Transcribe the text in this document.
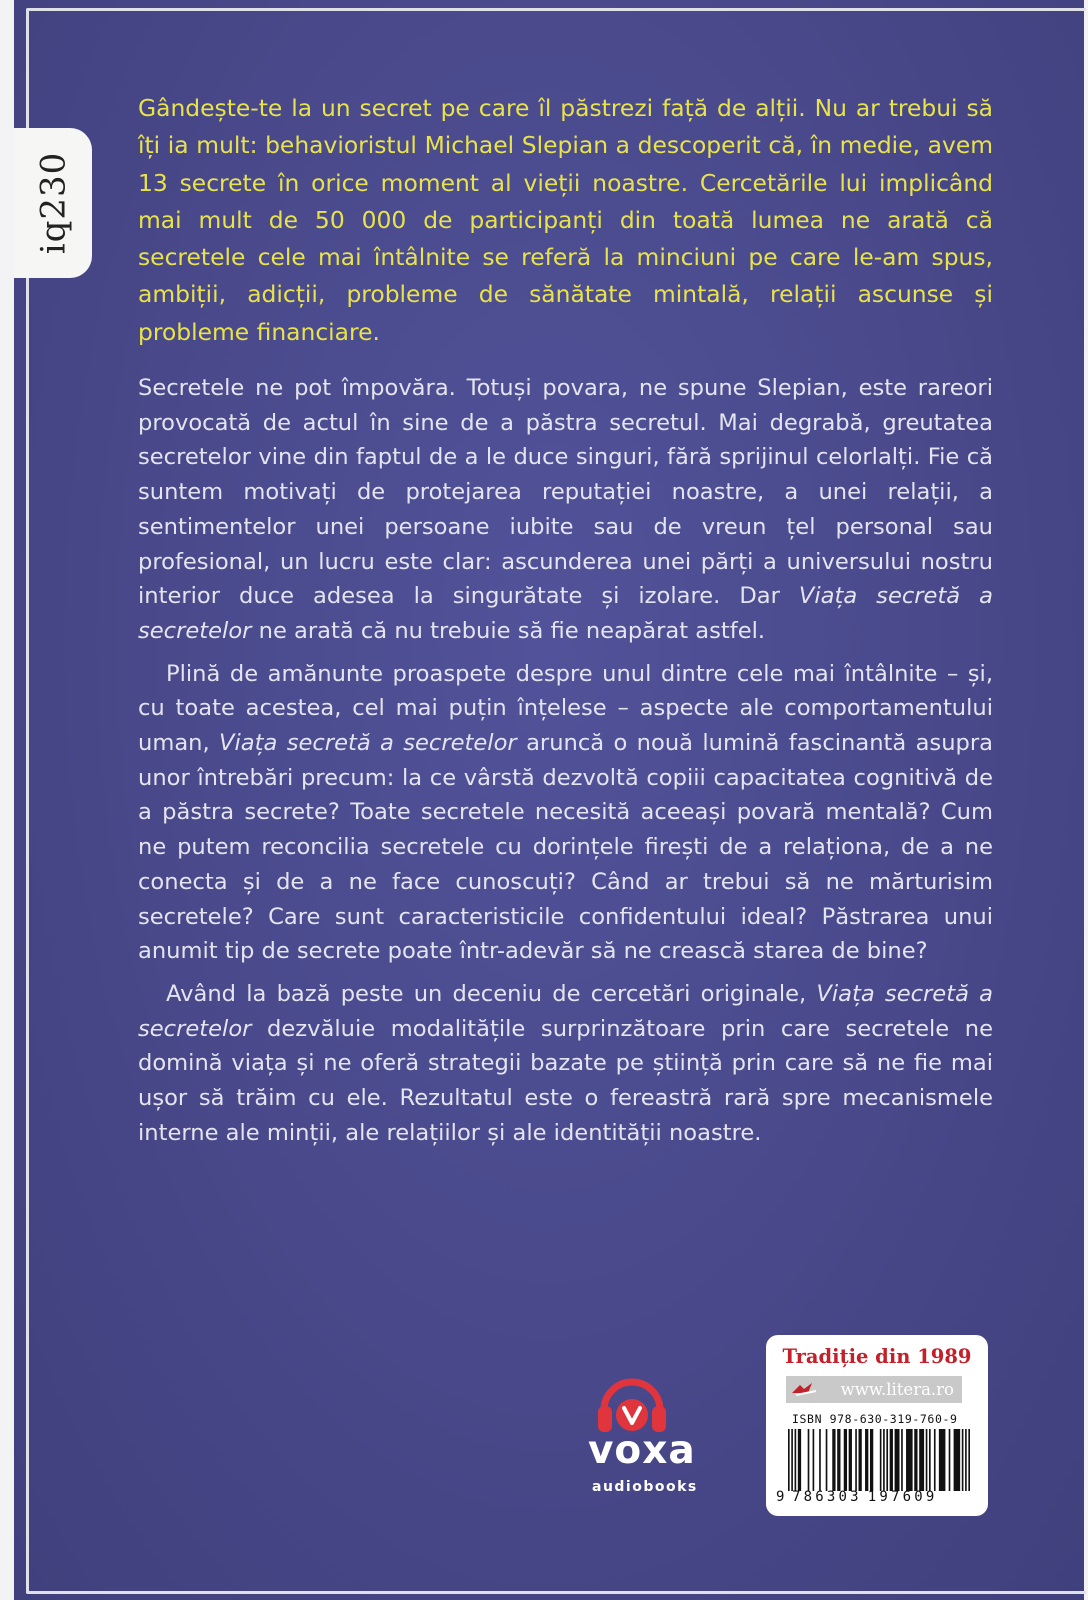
iq230
Gândește-te la un secret pe care îl păstrezi față de alții. Nu ar trebui să îți ia mult: behavioristul Michael Slepian a descoperit că, în medie, avem 13 secrete în orice moment al vieții noastre. Cercetările lui implicând mai mult de 50 000 de participanți din toată lumea ne arată că secretele cele mai întâlnite se referă la minciuni pe care le-am spus, ambiții, adicții, probleme de sănătate mintală, relații ascunse și probleme financiare.

Secretele ne pot împovăra. Totuși povara, ne spune Slepian, este rareori provocată de actul în sine de a păstra secretul. Mai degrabă, greutatea secretelor vine din faptul de a le duce singuri, fără sprijinul celorlalți. Fie că suntem motivați de protejarea reputației noastre, a unei relații, a sentimentelor unei persoane iubite sau de vreun țel personal sau profesional, un lucru este clar: ascunderea unei părți a universului nostru interior duce adesea la singurătate și izolare. Dar Viața secretă a secretelor ne arată că nu trebuie să fie neapărat astfel.

Plină de amănunte proaspete despre unul dintre cele mai întâlnite – și, cu toate acestea, cel mai puțin înțelese – aspecte ale comportamentului uman, Viața secretă a secretelor aruncă o nouă lumină fascinantă asupra unor întrebări precum: la ce vârstă dezvoltă copiii capacitatea cognitivă de a păstra secrete? Toate secretele necesită aceeași povară mentală? Cum ne putem reconcilia secretele cu dorințele firești de a relaționa, de a ne conecta și de a ne face cunoscuți? Când ar trebui să ne mărturisim secretele? Care sunt caracteristicile confidentului ideal? Păstrarea unui anumit tip de secrete poate într-adevăr să ne crească starea de bine?

Având la bază peste un deceniu de cercetări originale, Viața secretă a secretelor dezvăluie modalitățile surprinzătoare prin care secretele ne domină viața și ne oferă strategii bazate pe știință prin care să ne fie mai ușor să trăim cu ele. Rezultatul este o fereastră rară spre mecanismele interne ale minții, ale relațiilor și ale identității noastre.

voxa
audiobooks
Tradiție din 1989
www.litera.ro
ISBN 978-630-319-760-9
9 786303 197609
